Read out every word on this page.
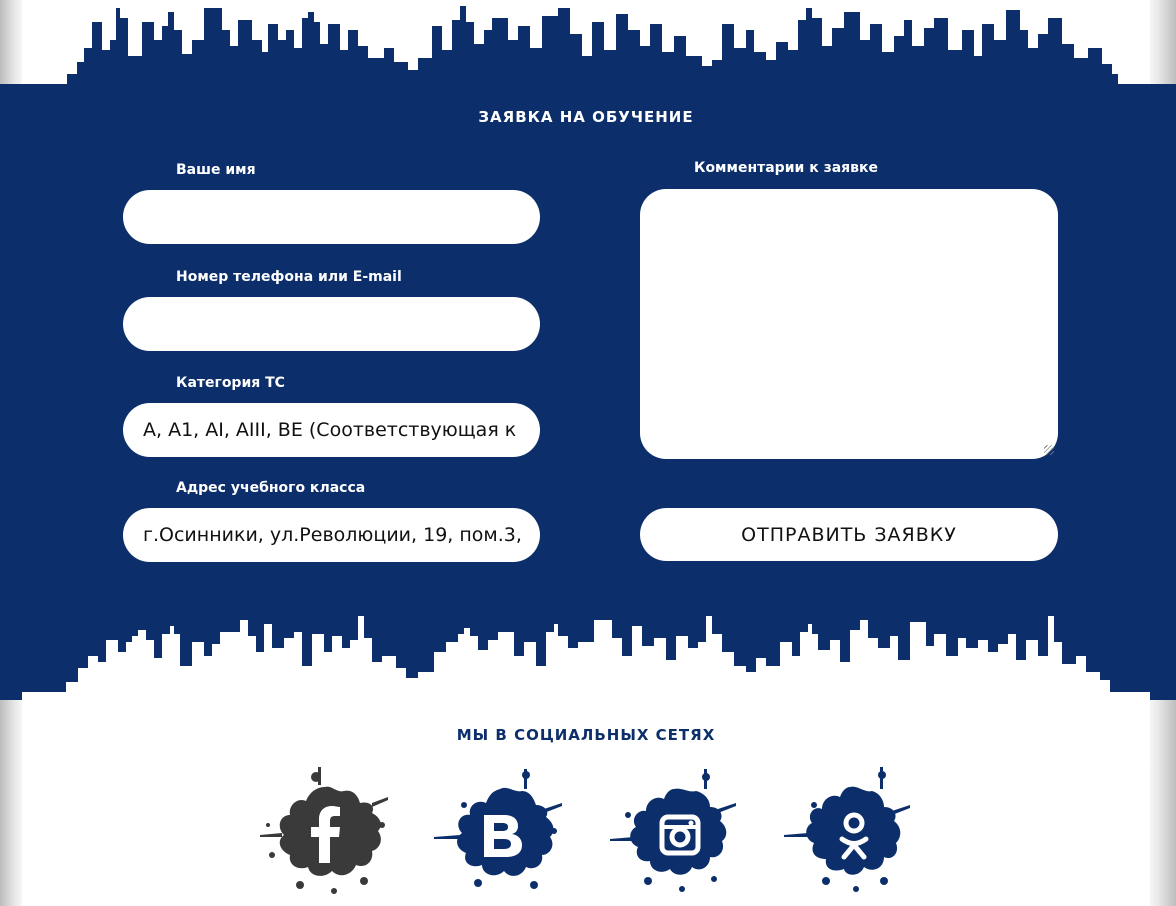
ЗАЯВКА НА ОБУЧЕНИЕ
Ваше имя
Номер телефона или E-mail
Категория ТС
A, A1, AI, AIII, BE (Соответствующая к
Адрес учебного класса
г.Осинники, ул.Революции, 19, пом.3,
Комментарии к заявке
ОТПРАВИТЬ ЗАЯВКУ
МЫ В СОЦИАЛЬНЫХ СЕТЯХ
